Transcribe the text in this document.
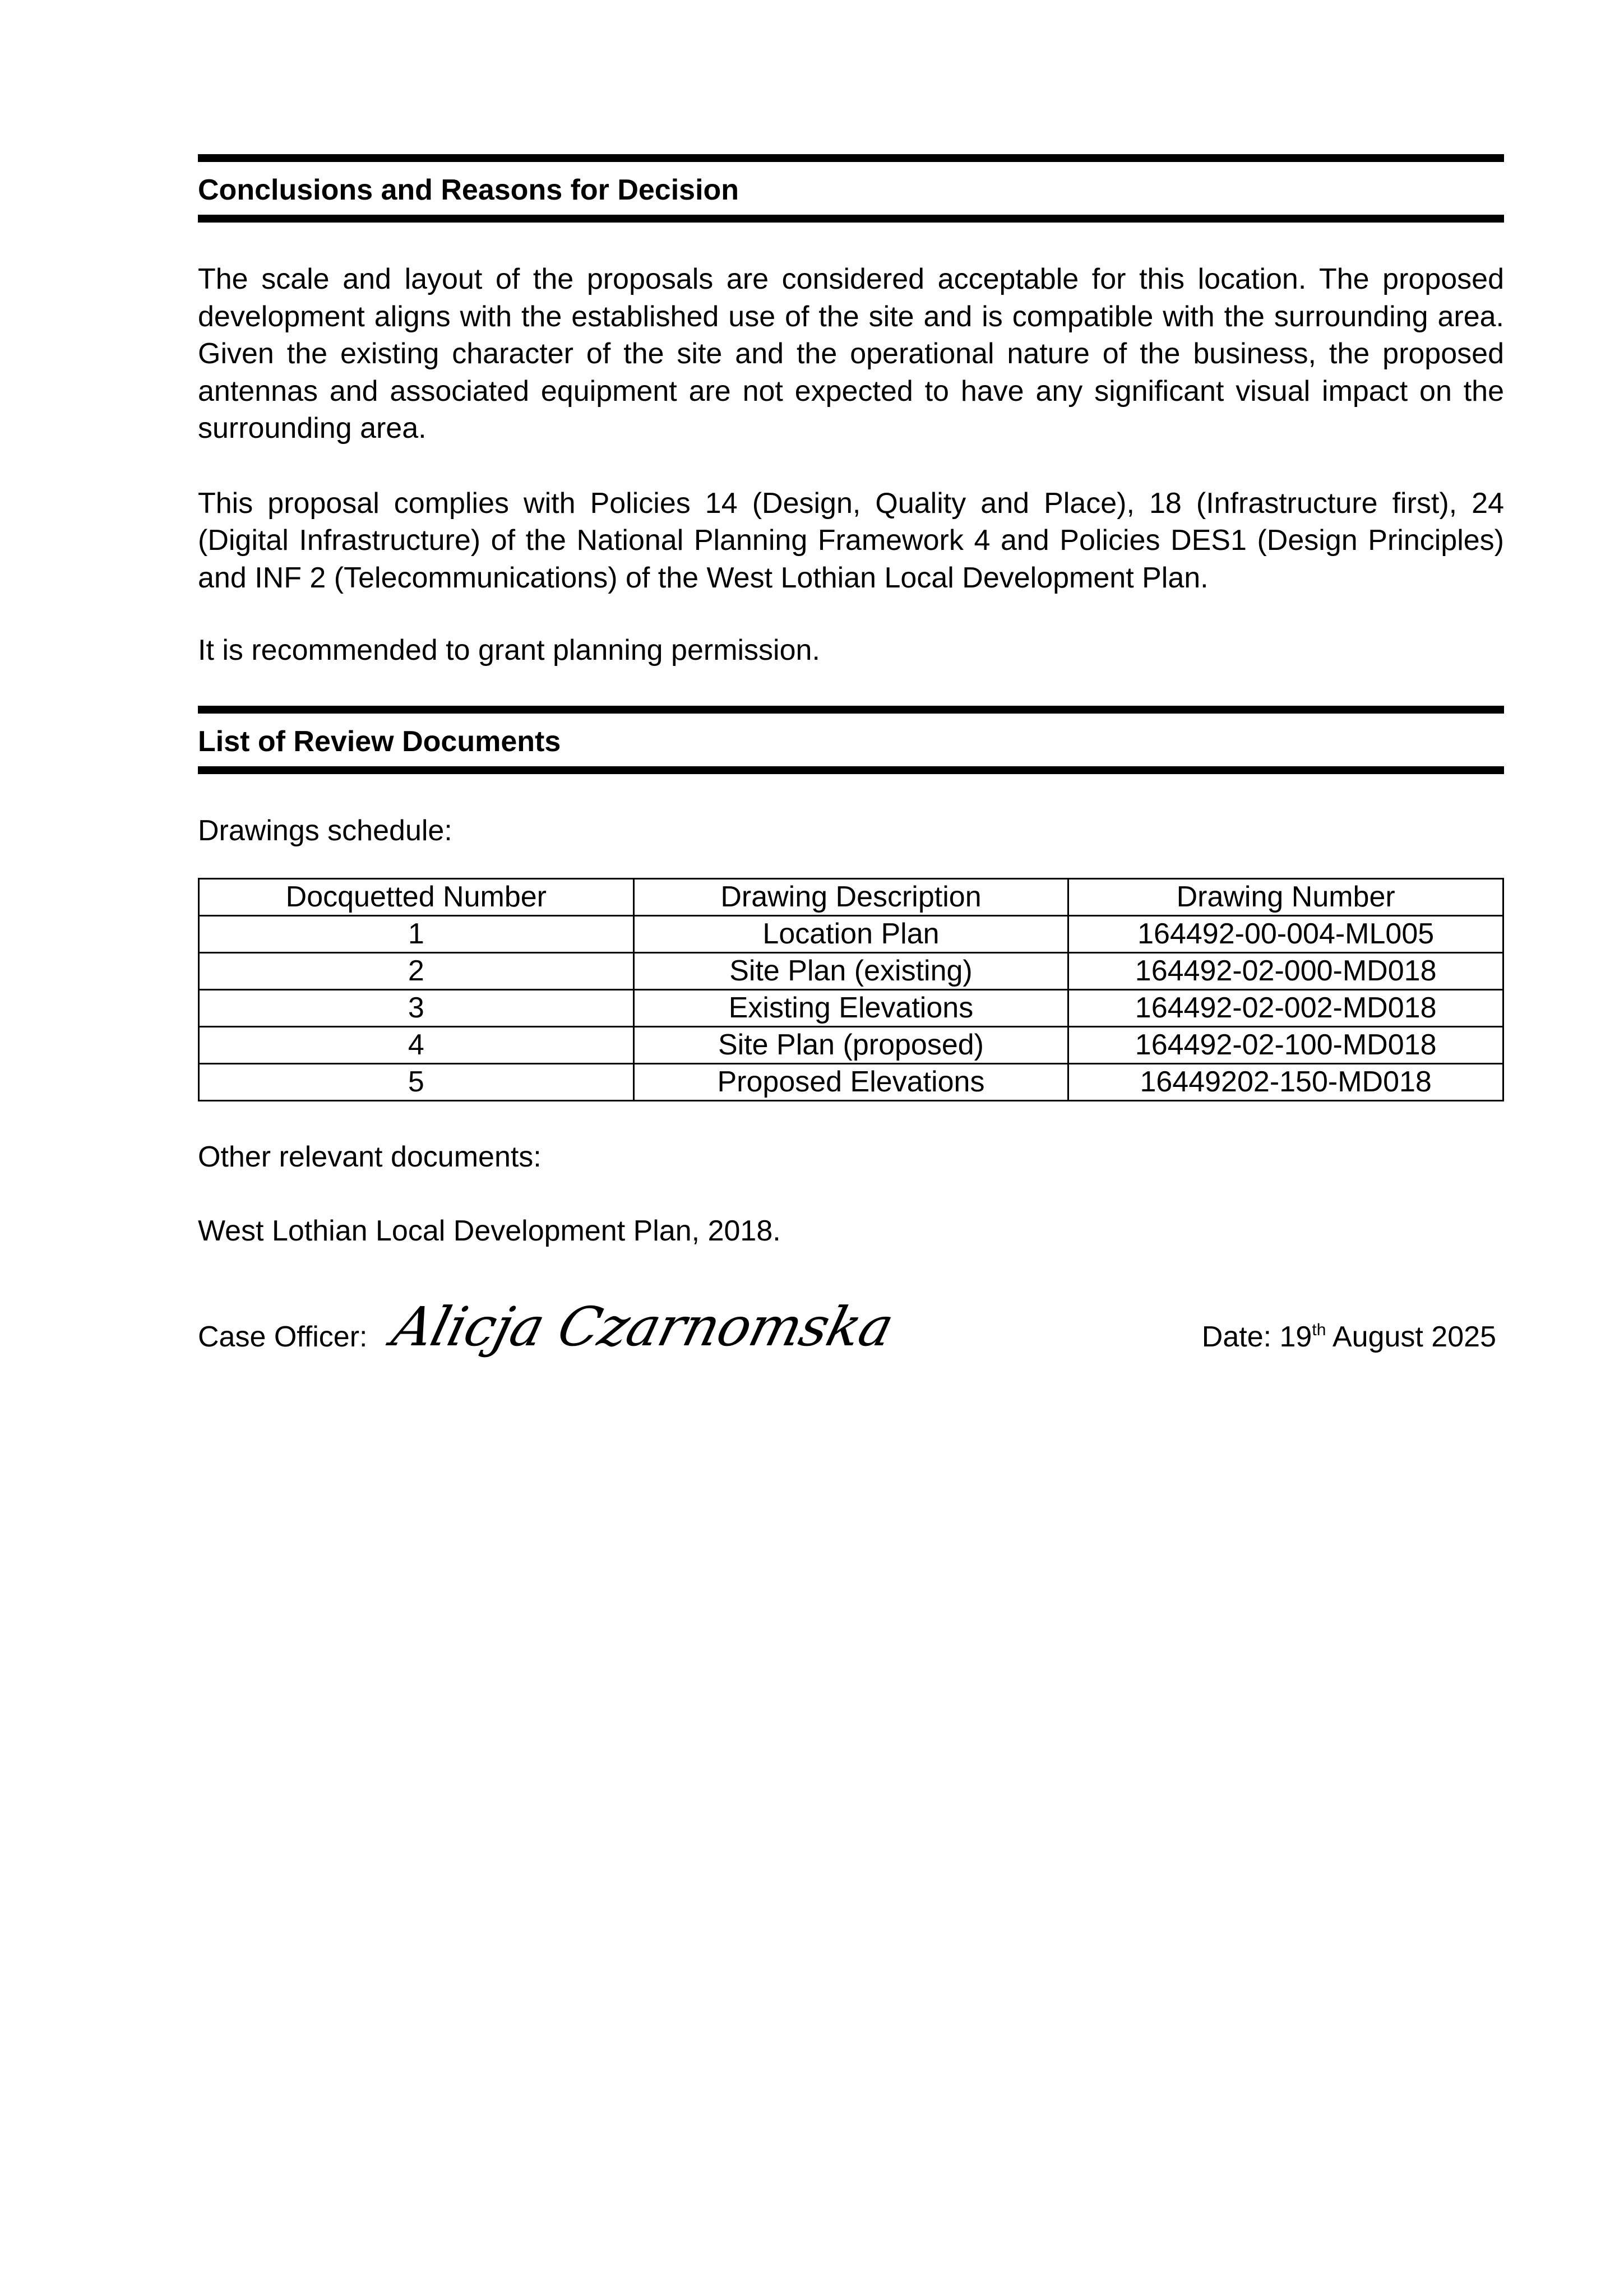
Conclusions and Reasons for Decision

The scale and layout of the proposals are considered acceptable for this location. The proposed development aligns with the established use of the site and is compatible with the surrounding area. Given the existing character of the site and the operational nature of the business, the proposed antennas and associated equipment are not expected to have any significant visual impact on the surrounding area.

This proposal complies with Policies 14 (Design, Quality and Place), 18 (Infrastructure first), 24 (Digital Infrastructure) of the National Planning Framework 4 and Policies DES1 (Design Principles) and INF 2 (Telecommunications) of the West Lothian Local Development Plan.

It is recommended to grant planning permission.

List of Review Documents

Drawings schedule:

Docquetted Number	Drawing Description	Drawing Number
1	Location Plan	164492-00-004-ML005
2	Site Plan (existing)	164492-02-000-MD018
3	Existing Elevations	164492-02-002-MD018
4	Site Plan (proposed)	164492-02-100-MD018
5	Proposed Elevations	16449202-150-MD018

Other relevant documents:

West Lothian Local Development Plan, 2018.

Case Officer: Alicja Czarnomska	Date: 19th August 2025
